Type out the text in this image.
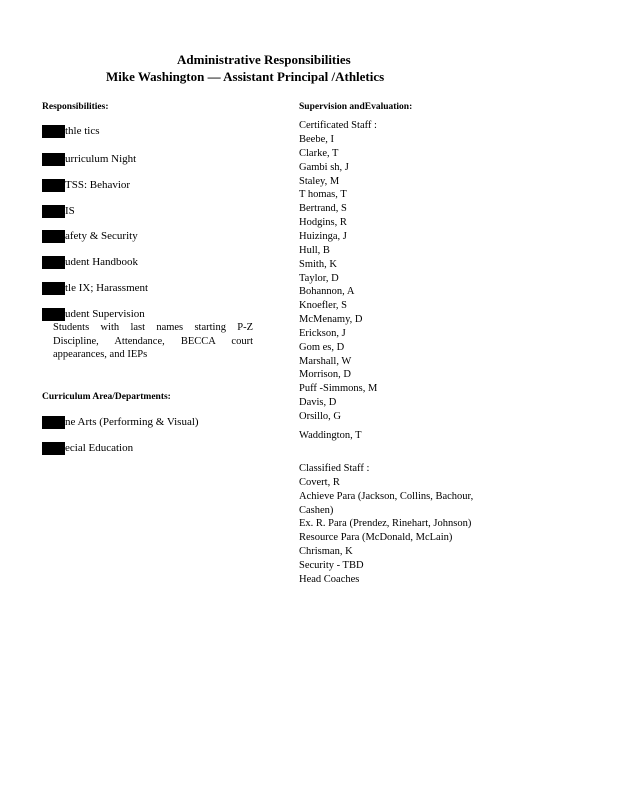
Administrative Responsibilities
Mike Washington — Assistant Principal /Athletics
Responsibilities:
thle tics
urriculum Night
TSS: Behavior
IS
afety & Security
udent Handbook
tle IX; Harassment
udent Supervision
Students with last names starting P-Z Discipline, Attendance, BECCA court appearances, and IEPs
Curriculum Area/Departments:
ne Arts (Performing & Visual)
ecial Education
Supervision andEvaluation:
Certificated Staff :
Beebe, I
Clarke, T
Gambi sh, J
Staley, M
T homas, T
Bertrand, S
Hodgins, R
Huizinga, J
Hull, B
Smith, K
Taylor, D
Bohannon, A
Knoefler, S
McMenamy, D
Erickson, J
Gom es, D
Marshall, W
Morrison, D
Puff -Simmons, M
Davis, D
Orsillo, G
Waddington, T
Classified Staff :
Covert, R
Achieve Para (Jackson, Collins, Bachour,
Cashen)
Ex. R. Para (Prendez, Rinehart, Johnson)
Resource Para (McDonald, McLain)
Chrisman, K
Security - TBD
Head Coaches
